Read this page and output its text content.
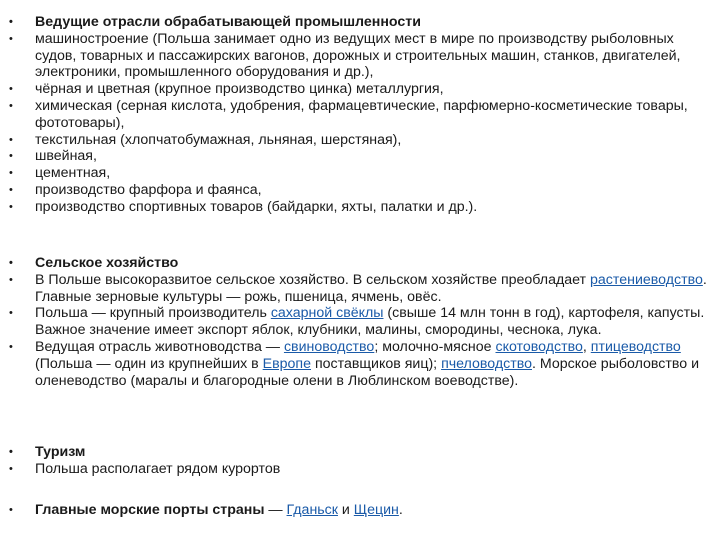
• Ведущие отрасли обрабатывающей промышленности
• машиностроение (Польша занимает одно из ведущих мест в мире по производству рыболовных судов, товарных и пассажирских вагонов, дорожных и строительных машин, станков, двигателей, электроники, промышленного оборудования и др.),
• чёрная и цветная (крупное производство цинка) металлургия,
• химическая (серная кислота, удобрения, фармацевтические, парфюмерно-косметические товары, фототовары),
• текстильная (хлопчатобумажная, льняная, шерстяная),
• швейная,
• цементная,
• производство фарфора и фаянса,
• производство спортивных товаров (байдарки, яхты, палатки и др.).
• Сельское хозяйство
• В Польше высокоразвитое сельское хозяйство. В сельском хозяйстве преобладает растениеводство. Главные зерновые культуры — рожь, пшеница, ячмень, овёс.
• Польша — крупный производитель сахарной свёклы (свыше 14 млн тонн в год), картофеля, капусты. Важное значение имеет экспорт яблок, клубники, малины, смородины, чеснока, лука.
• Ведущая отрасль животноводства — свиноводство; молочно-мясное скотоводство, птицеводство (Польша — один из крупнейших в Европе поставщиков яиц); пчеловодство. Морское рыболовство и оленеводство (маралы и благородные олени в Люблинском воеводстве).
• Туризм
• Польша располагает рядом курортов
• Главные морские порты страны — Гданьск и Щецин.
